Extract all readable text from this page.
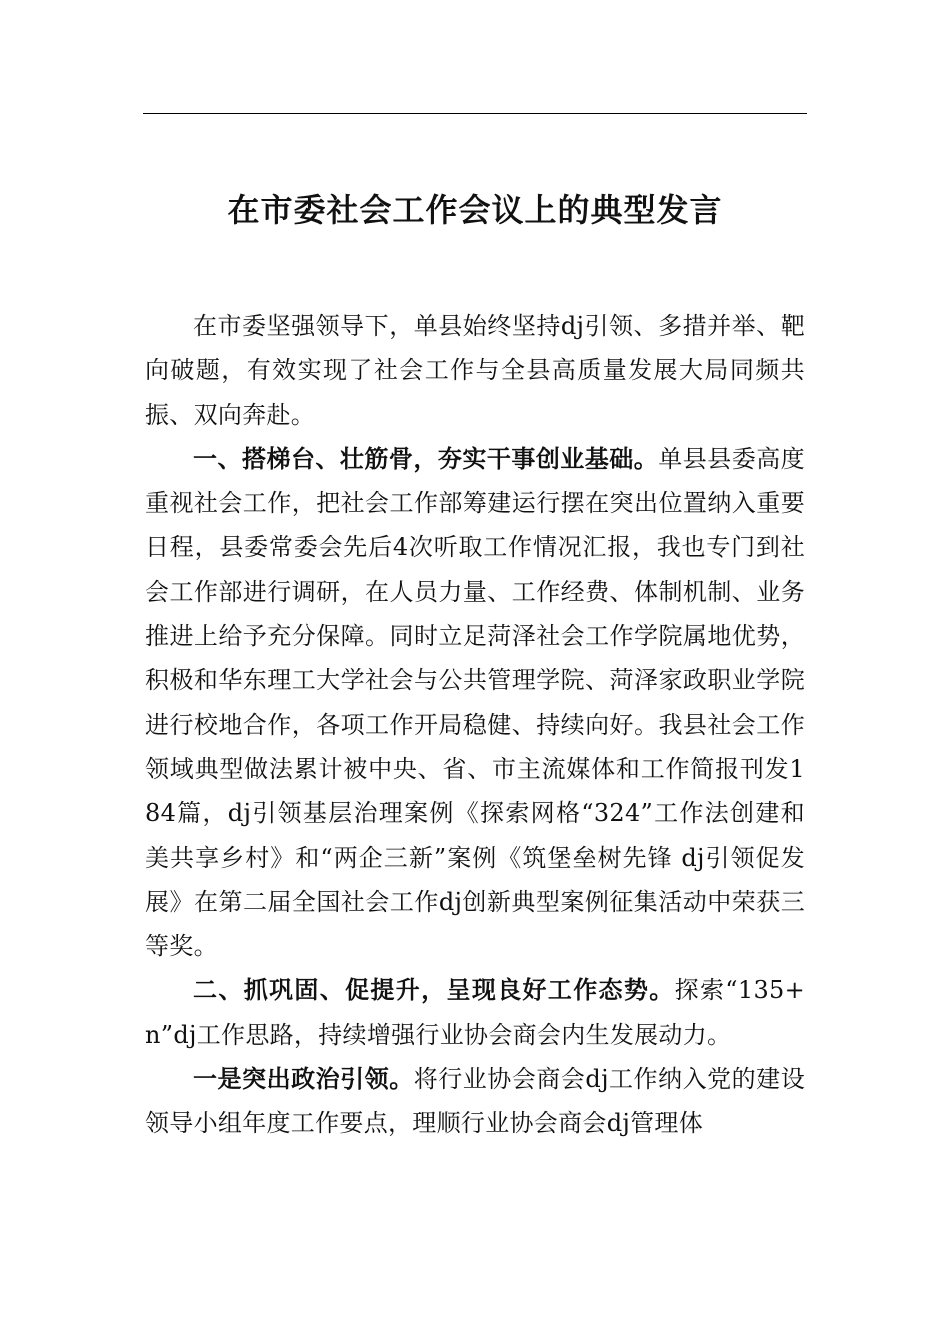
在市委社会工作会议上的典型发言

在市委坚强领导下，单县始终坚持dj引领、多措并举、靶向破题，有效实现了社会工作与全县高质量发展大局同频共振、双向奔赴。

一、搭梯台、壮筋骨，夯实干事创业基础。单县县委高度重视社会工作，把社会工作部筹建运行摆在突出位置纳入重要日程，县委常委会先后4次听取工作情况汇报，我也专门到社会工作部进行调研，在人员力量、工作经费、体制机制、业务推进上给予充分保障。同时立足菏泽社会工作学院属地优势，积极和华东理工大学社会与公共管理学院、菏泽家政职业学院进行校地合作，各项工作开局稳健、持续向好。我县社会工作领域典型做法累计被中央、省、市主流媒体和工作简报刊发184篇，dj引领基层治理案例《探索网格“324”工作法创建和美共享乡村》和“两企三新”案例《筑堡垒树先锋 dj引领促发展》在第二届全国社会工作dj创新典型案例征集活动中荣获三等奖。

二、抓巩固、促提升，呈现良好工作态势。探索“135+n”dj工作思路，持续增强行业协会商会内生发展动力。

一是突出政治引领。将行业协会商会dj工作纳入党的建设领导小组年度工作要点，理顺行业协会商会dj管理体
